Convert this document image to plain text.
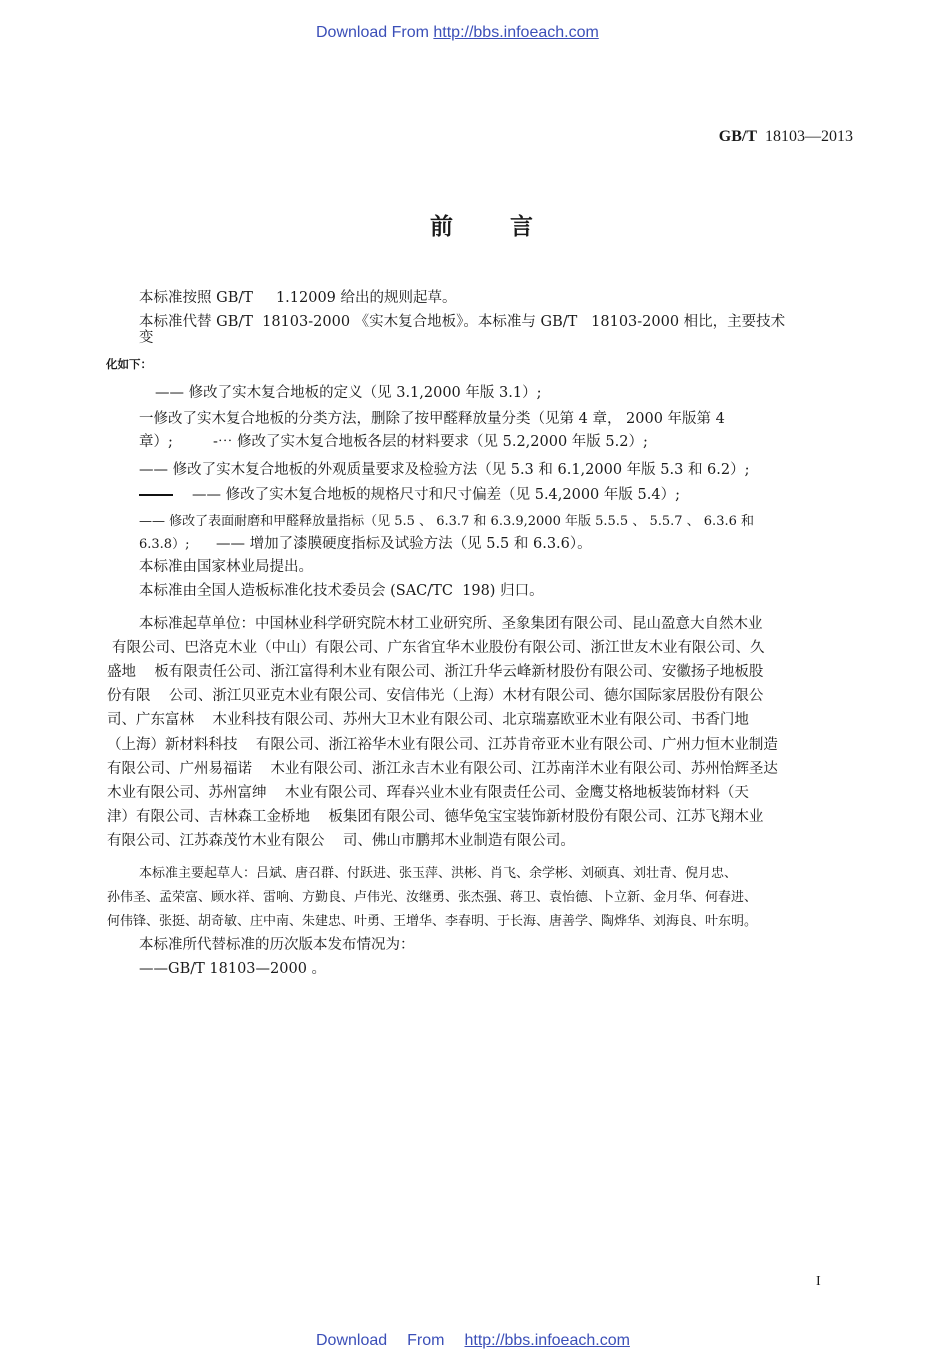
Download From http://bbs.infoeach.com
GB/T 18103—2013
前 言
本标准按照 GB/T     1.12009 给出的规则起草。
本标准代替 GB/T  18103-2000 《实木复合地板》。本标准与 GB/T   18103-2000 相比，主要技术
变
化如下：
—— 修改了实木复合地板的定义（见 3.1,2000 年版 3.1）;
一修改了实木复合地板的分类方法，删除了按甲醛释放量分类（见第 4 章， 2000 年版第 4
章）;	-⋯ 修改了实木复合地板各层的材料要求（见 5.2,2000 年版 5.2）;
—— 修改了实木复合地板的外观质量要求及检验方法（见 5.3 和 6.1,2000 年版 5.3 和 6.2）;
—— 修改了实木复合地板的规格尺寸和尺寸偏差（见 5.4,2000 年版 5.4）;
—— 修改了表面耐磨和甲醛释放量指标（见 5.5 、 6.3.7 和 6.3.9,2000 年版 5.5.5 、 5.5.7 、 6.3.6 和
6.3.8）; —— 增加了漆膜硬度指标及试验方法（见 5.5 和 6.3.6）。
本标准由国家林业局提出。
本标准由全国人造板标准化技术委员会 (SAC/TC  198) 归口。
本标准起草单位：中国林业科学研究院木材工业研究所、圣象集团有限公司、昆山盈意大自然木业
有限公司、巴洛克木业（中山）有限公司、广东省宜华木业股份有限公司、浙江世友木业有限公司、久
盛地    板有限责任公司、浙江富得利木业有限公司、浙江升华云峰新材股份有限公司、安徽扬子地板股
份有限    公司、浙江贝亚克木业有限公司、安信伟光（上海）木材有限公司、德尔国际家居股份有限公
司、广东富林    木业科技有限公司、苏州大卫木业有限公司、北京瑞嘉欧亚木业有限公司、书香门地
（上海）新材料科技    有限公司、浙江裕华木业有限公司、江苏肯帝亚木业有限公司、广州力恒木业制造
有限公司、广州易福诺    木业有限公司、浙江永吉木业有限公司、江苏南洋木业有限公司、苏州怡辉圣达
木业有限公司、苏州富绅    木业有限公司、珲春兴业木业有限责任公司、金鹰艾格地板装饰材料（天
津）有限公司、吉林森工金桥地    板集团有限公司、德华兔宝宝装饰新材股份有限公司、江苏飞翔木业
有限公司、江苏森茂竹木业有限公    司、佛山市鹏邦木业制造有限公司。
本标准主要起草人：吕斌、唐召群、付跃进、张玉萍、洪彬、肖飞、余学彬、刘硕真、刘壮青、倪月忠、
孙伟圣、孟荣富、顾水祥、雷响、方勤良、卢伟光、汝继勇、张杰强、蒋卫、袁怡德、卜立新、金月华、何春进、
何伟锋、张挺、胡奇敏、庄中南、朱建忠、叶勇、王增华、李春明、于长海、唐善学、陶烨华、刘海良、叶东明。
本标准所代替标准的历次版本发布情况为：
——GB/T 18103—2000 。
I
Download From http://bbs.infoeach.com
